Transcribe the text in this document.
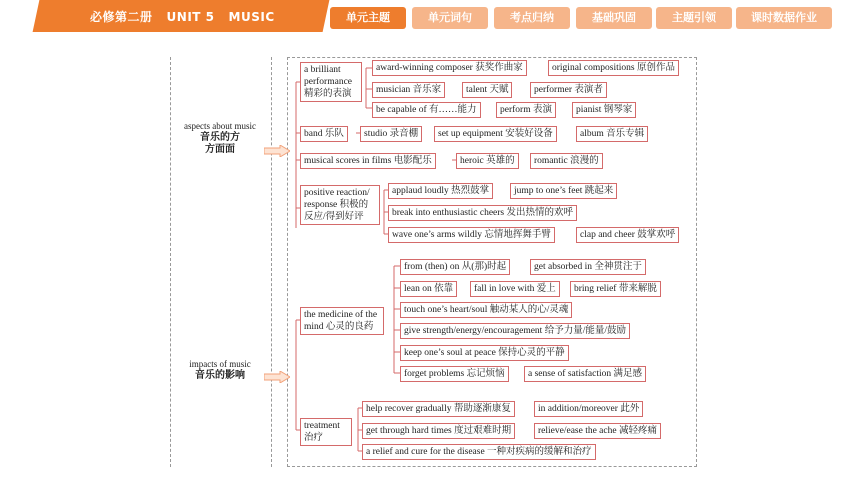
必修第二册   UNIT 5   MUSIC	单元主题	单元词句	考点归纳	基础巩固	主题引领	课时数据作业
aspects about music
音乐的方方面面
impacts of music
音乐的影响
a brilliant performance 精彩的表演
band 乐队
musical scores in films 电影配乐
positive reaction/ response 积极的反应/得到好评
the medicine of the mind 心灵的良药
treatment 治疗
award-winning composer 获奖作曲家	original compositions 原创作品
musician 音乐家	talent 天赋	performer 表演者
be capable of 有……能力	perform 表演	pianist 钢琴家
studio 录音棚	set up equipment 安装好设备	album 音乐专辑
heroic 英雄的	romantic 浪漫的
applaud loudly 热烈鼓掌	jump to one’s feet 跳起来
break into enthusiastic cheers 发出热情的欢呼
wave one’s arms wildly 忘情地挥舞手臂	clap and cheer 鼓掌欢呼
from (then) on 从(那)时起	get absorbed in 全神贯注于
lean on 依靠	fall in love with 爱上	bring relief 带来解脱
touch one’s heart/soul 触动某人的心/灵魂
give strength/energy/encouragement 给予力量/能量/鼓励
keep one’s soul at peace 保持心灵的平静
forget problems 忘记烦恼	a sense of satisfaction 满足感
help recover gradually 帮助逐渐康复	in addition/moreover 此外
get through hard times 度过艰难时期	relieve/ease the ache 减轻疼痛
a relief and cure for the disease 一种对疾病的缓解和治疗
